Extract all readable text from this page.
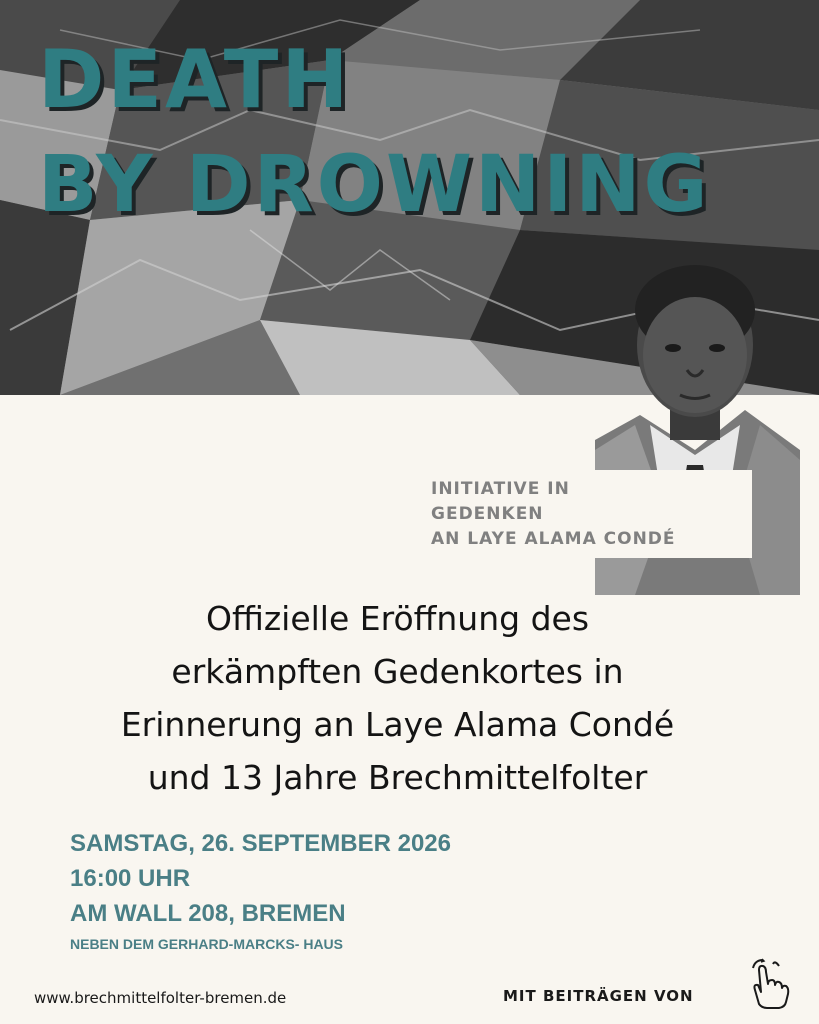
DEATH
BY DROWNING
INITIATIVE IN
GEDENKEN
AN LAYE ALAMA CONDÉ
Offizielle Eröffnung des
erkämpften Gedenkortes in
Erinnerung an Laye Alama Condé
und 13 Jahre Brechmittelfolter
SAMSTAG, 26. SEPTEMBER 2026
16:00 UHR
AM WALL 208, BREMEN
NEBEN DEM GERHARD-MARCKS- HAUS
www.brechmittelfolter-bremen.de	MIT BEITRÄGEN VON
